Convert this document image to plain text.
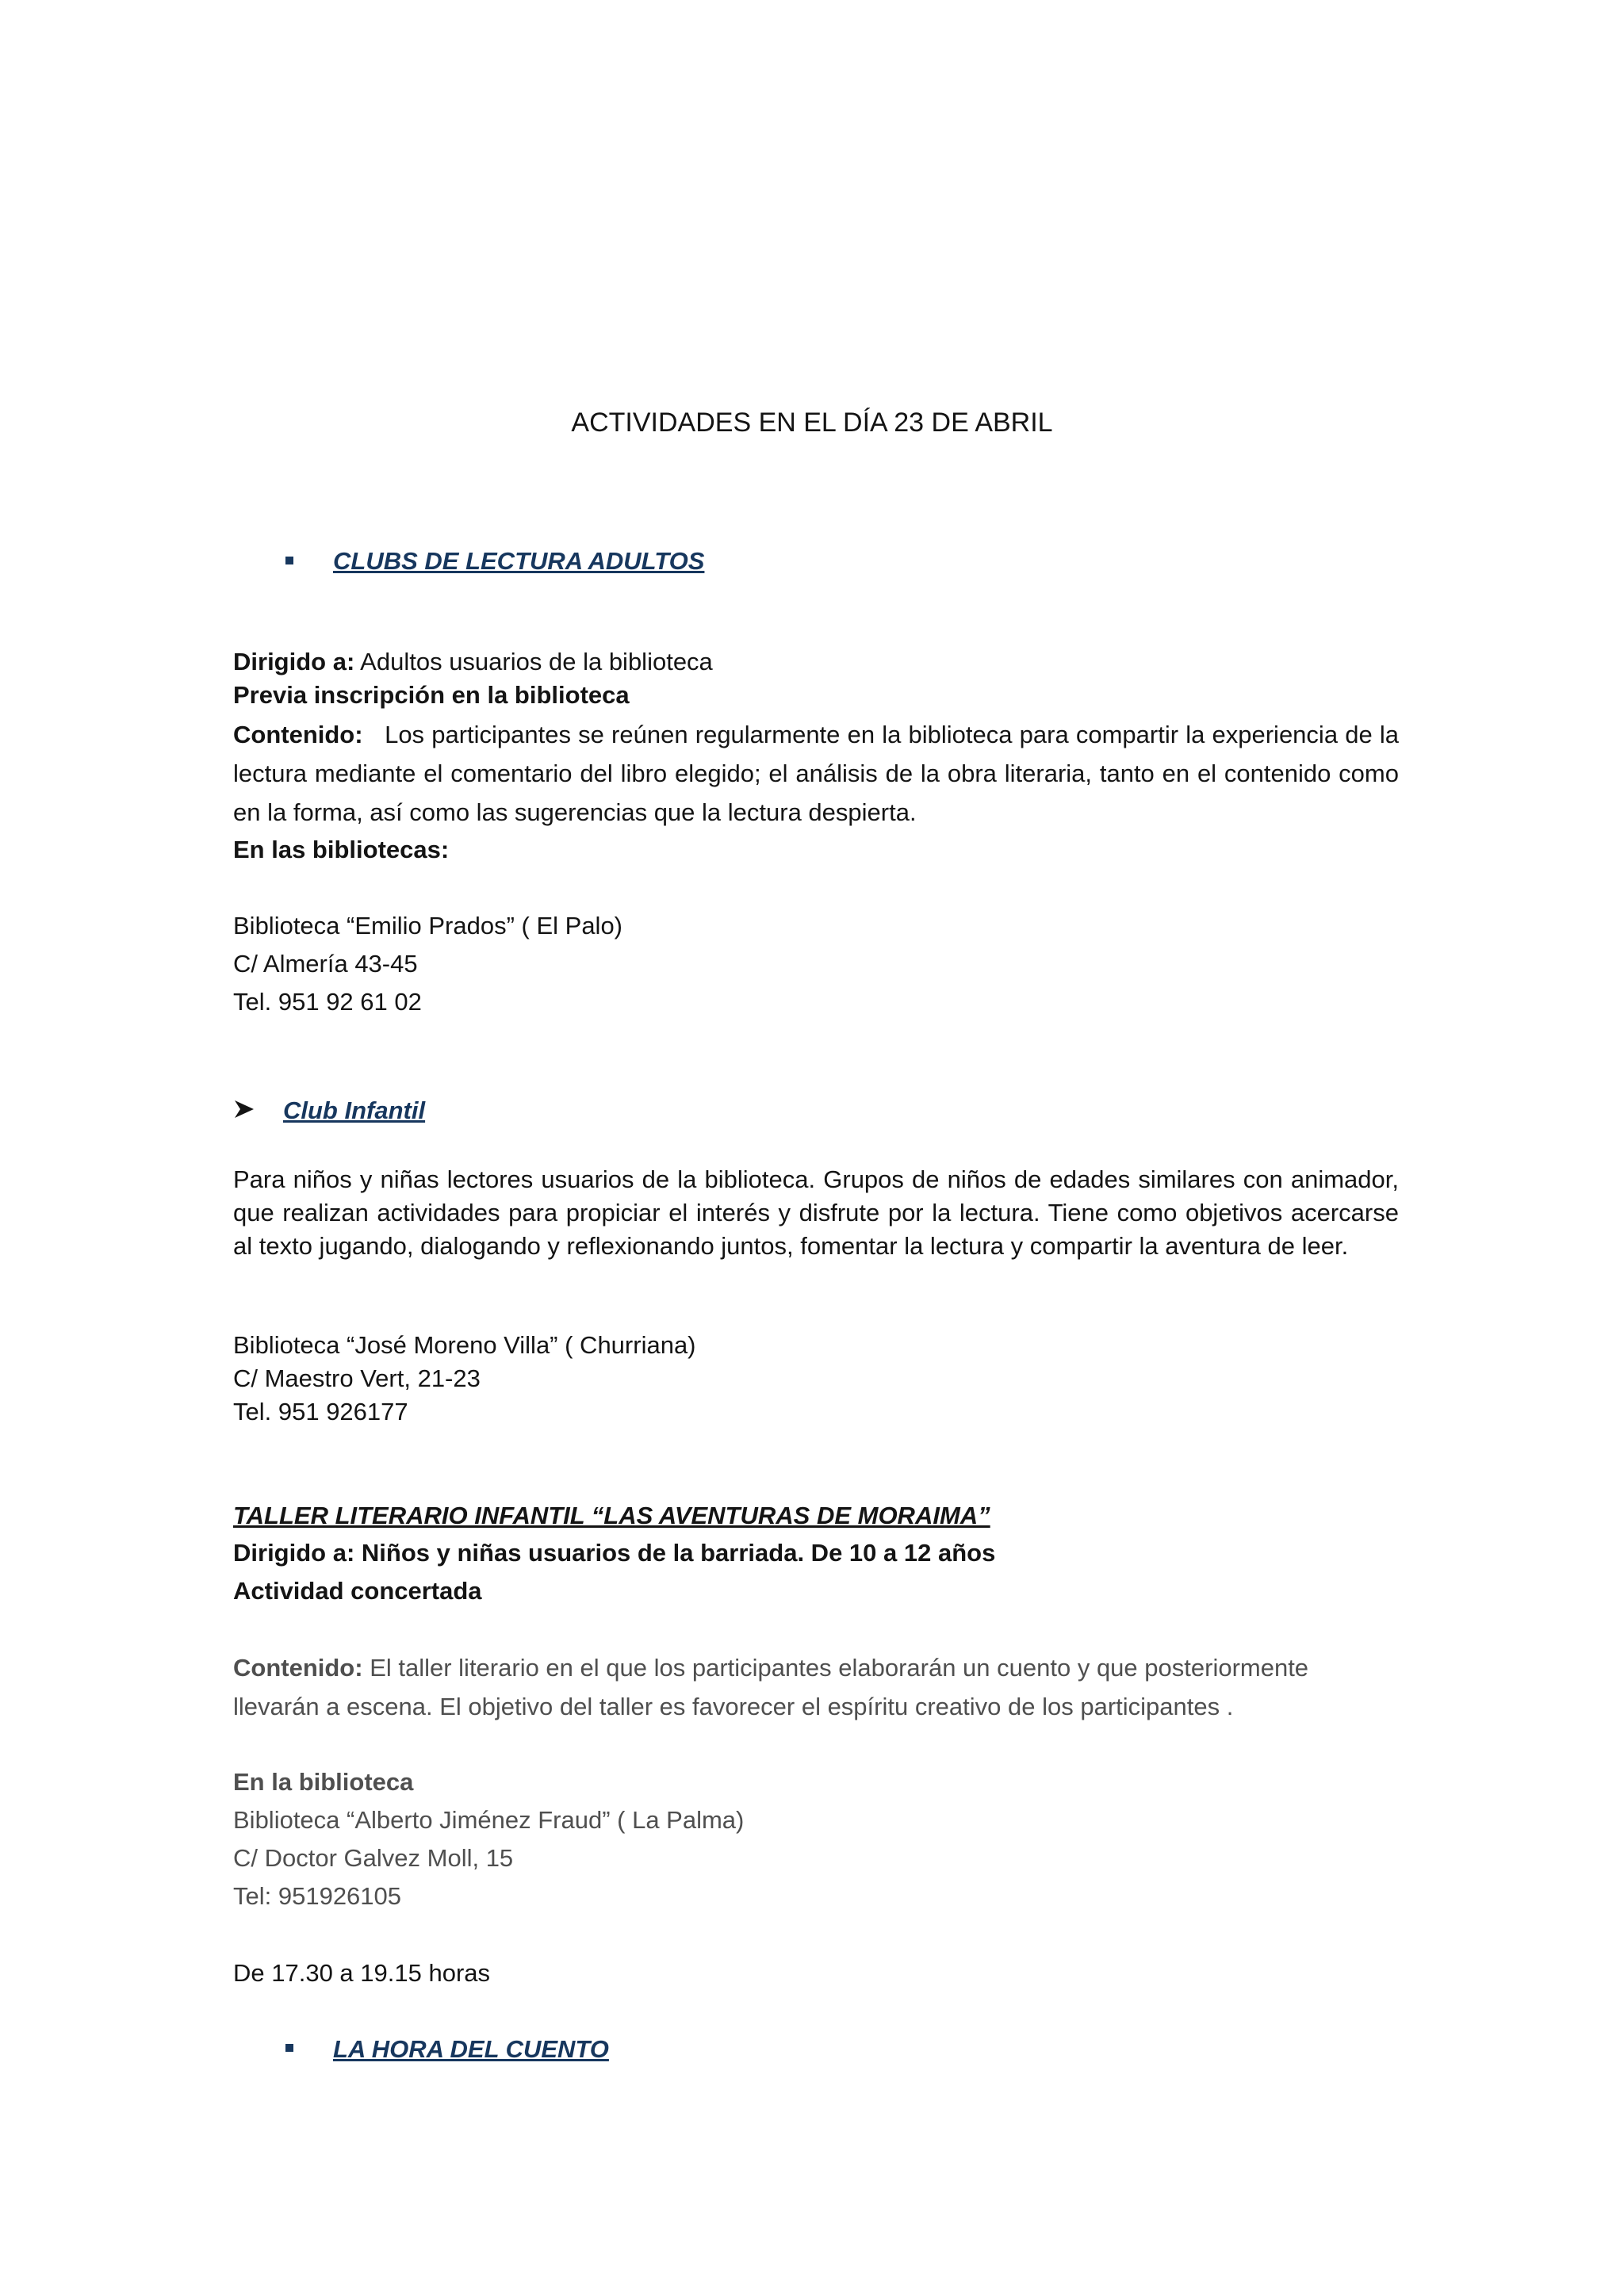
ACTIVIDADES EN EL DÍA 23 DE ABRIL
CLUBS DE LECTURA ADULTOS
Dirigido a: Adultos usuarios de la biblioteca
Previa inscripción en la biblioteca
Contenido: Los participantes se reúnen regularmente en la biblioteca para compartir la experiencia de la lectura mediante el comentario del libro elegido; el análisis de la obra literaria, tanto en el contenido como en la forma, así como las sugerencias que la lectura despierta.
En las bibliotecas:
Biblioteca “Emilio Prados” ( El Palo)
C/ Almería 43-45
Tel. 951 92 61 02
Club Infantil
Para niños y niñas lectores usuarios de la biblioteca. Grupos de niños de edades similares con animador, que realizan actividades para propiciar el interés y disfrute por la lectura. Tiene como objetivos acercarse al texto jugando, dialogando y reflexionando juntos, fomentar la lectura y compartir la aventura de leer.
Biblioteca “José Moreno Villa” ( Churriana)
C/ Maestro Vert, 21-23
Tel. 951 926177
TALLER LITERARIO INFANTIL “LAS AVENTURAS DE MORAIMA”
Dirigido a: Niños y niñas usuarios de la barriada. De 10 a 12 años
Actividad concertada
Contenido: El taller literario en el que los participantes elaborarán un cuento y que posteriormente
llevarán a escena. El objetivo del taller es favorecer el espíritu creativo de los participantes .
En la biblioteca
Biblioteca “Alberto Jiménez Fraud” ( La Palma)
C/ Doctor Galvez Moll, 15
Tel: 951926105
De 17.30 a 19.15 horas
LA HORA DEL CUENTO
